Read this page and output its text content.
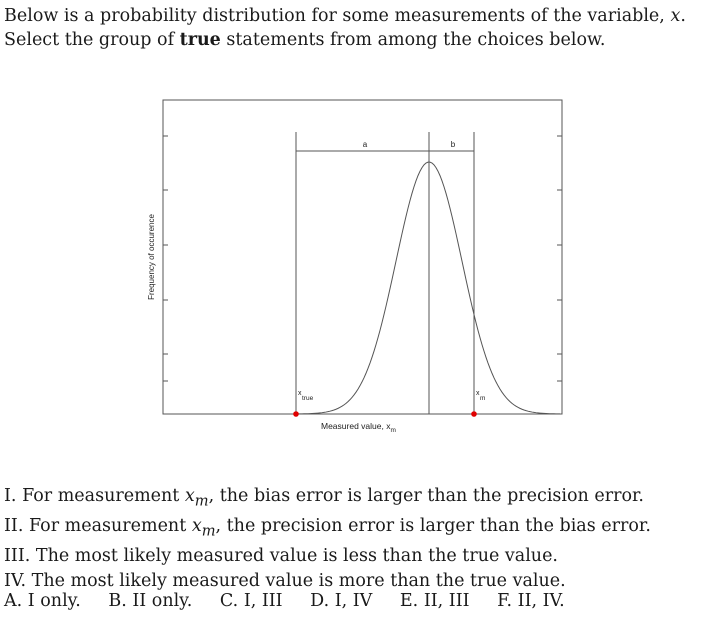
Below is a probability distribution for some measurements of the variable, x. Select the group of true statements from among the choices below.

a	b
x
true
x
m
Measured value, $x_m$
Frequency of occurence
I. For measurement $x_m$, the bias error is larger than the precision error.
II. For measurement $x_m$, the precision error is larger than the bias error.
III. The most likely measured value is less than the true value.
IV. The most likely measured value is more than the true value.
A. I only. B. II only. C. I, III D. I, IV E. II, III F. II, IV.
